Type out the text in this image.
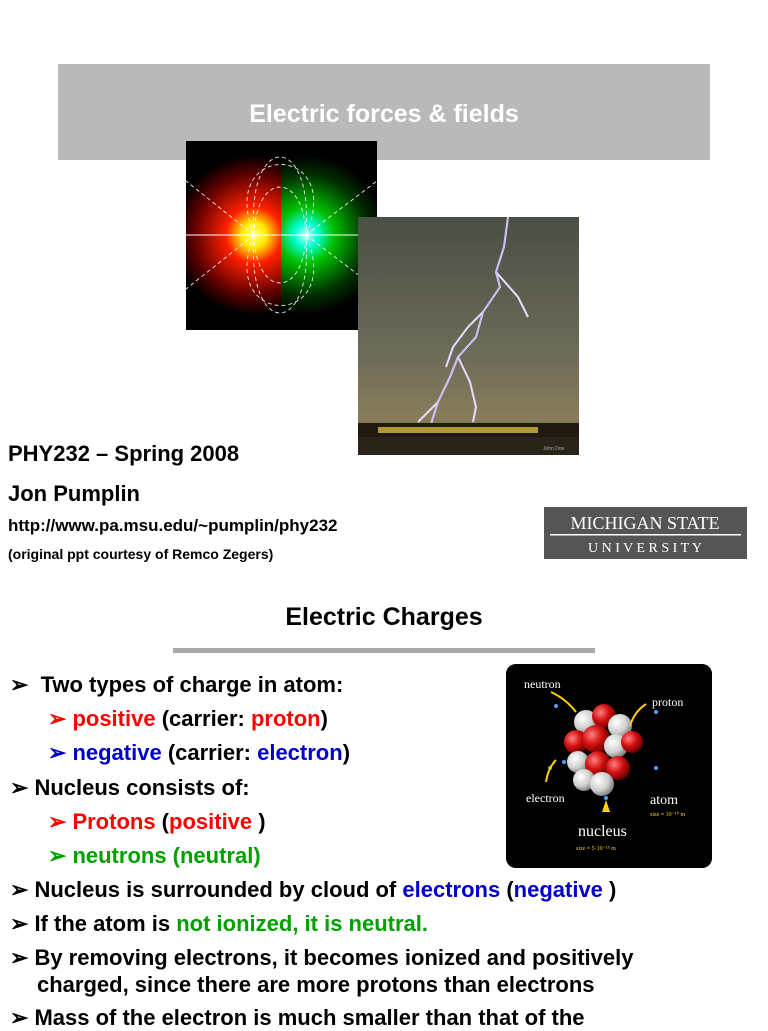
Electric forces & fields
John Doe
PHY232 – Spring 2008
Jon Pumplin
http://www.pa.msu.edu/~pumplin/phy232
(original ppt courtesy of Remco Zegers)
MICHIGAN STATE
U N I V E R S I T Y
Electric Charges
neutron
proton
electron	atom
size ≈ 10⁻¹⁰ m
nucleus
size ≈ 5·10⁻¹⁵ m
➢ Two types of charge in atom:
➢ positive (carrier: proton)
➢ negative (carrier: electron)
➢ Nucleus consists of:
➢ Protons (positive )
➢ neutrons (neutral)
➢ Nucleus is surrounded by cloud of electrons (negative )
➢ If the atom is not ionized, it is neutral.
➢ By removing electrons, it becomes ionized and positively
charged, since there are more protons than electrons
➢ Mass of the electron is much smaller than that of the
